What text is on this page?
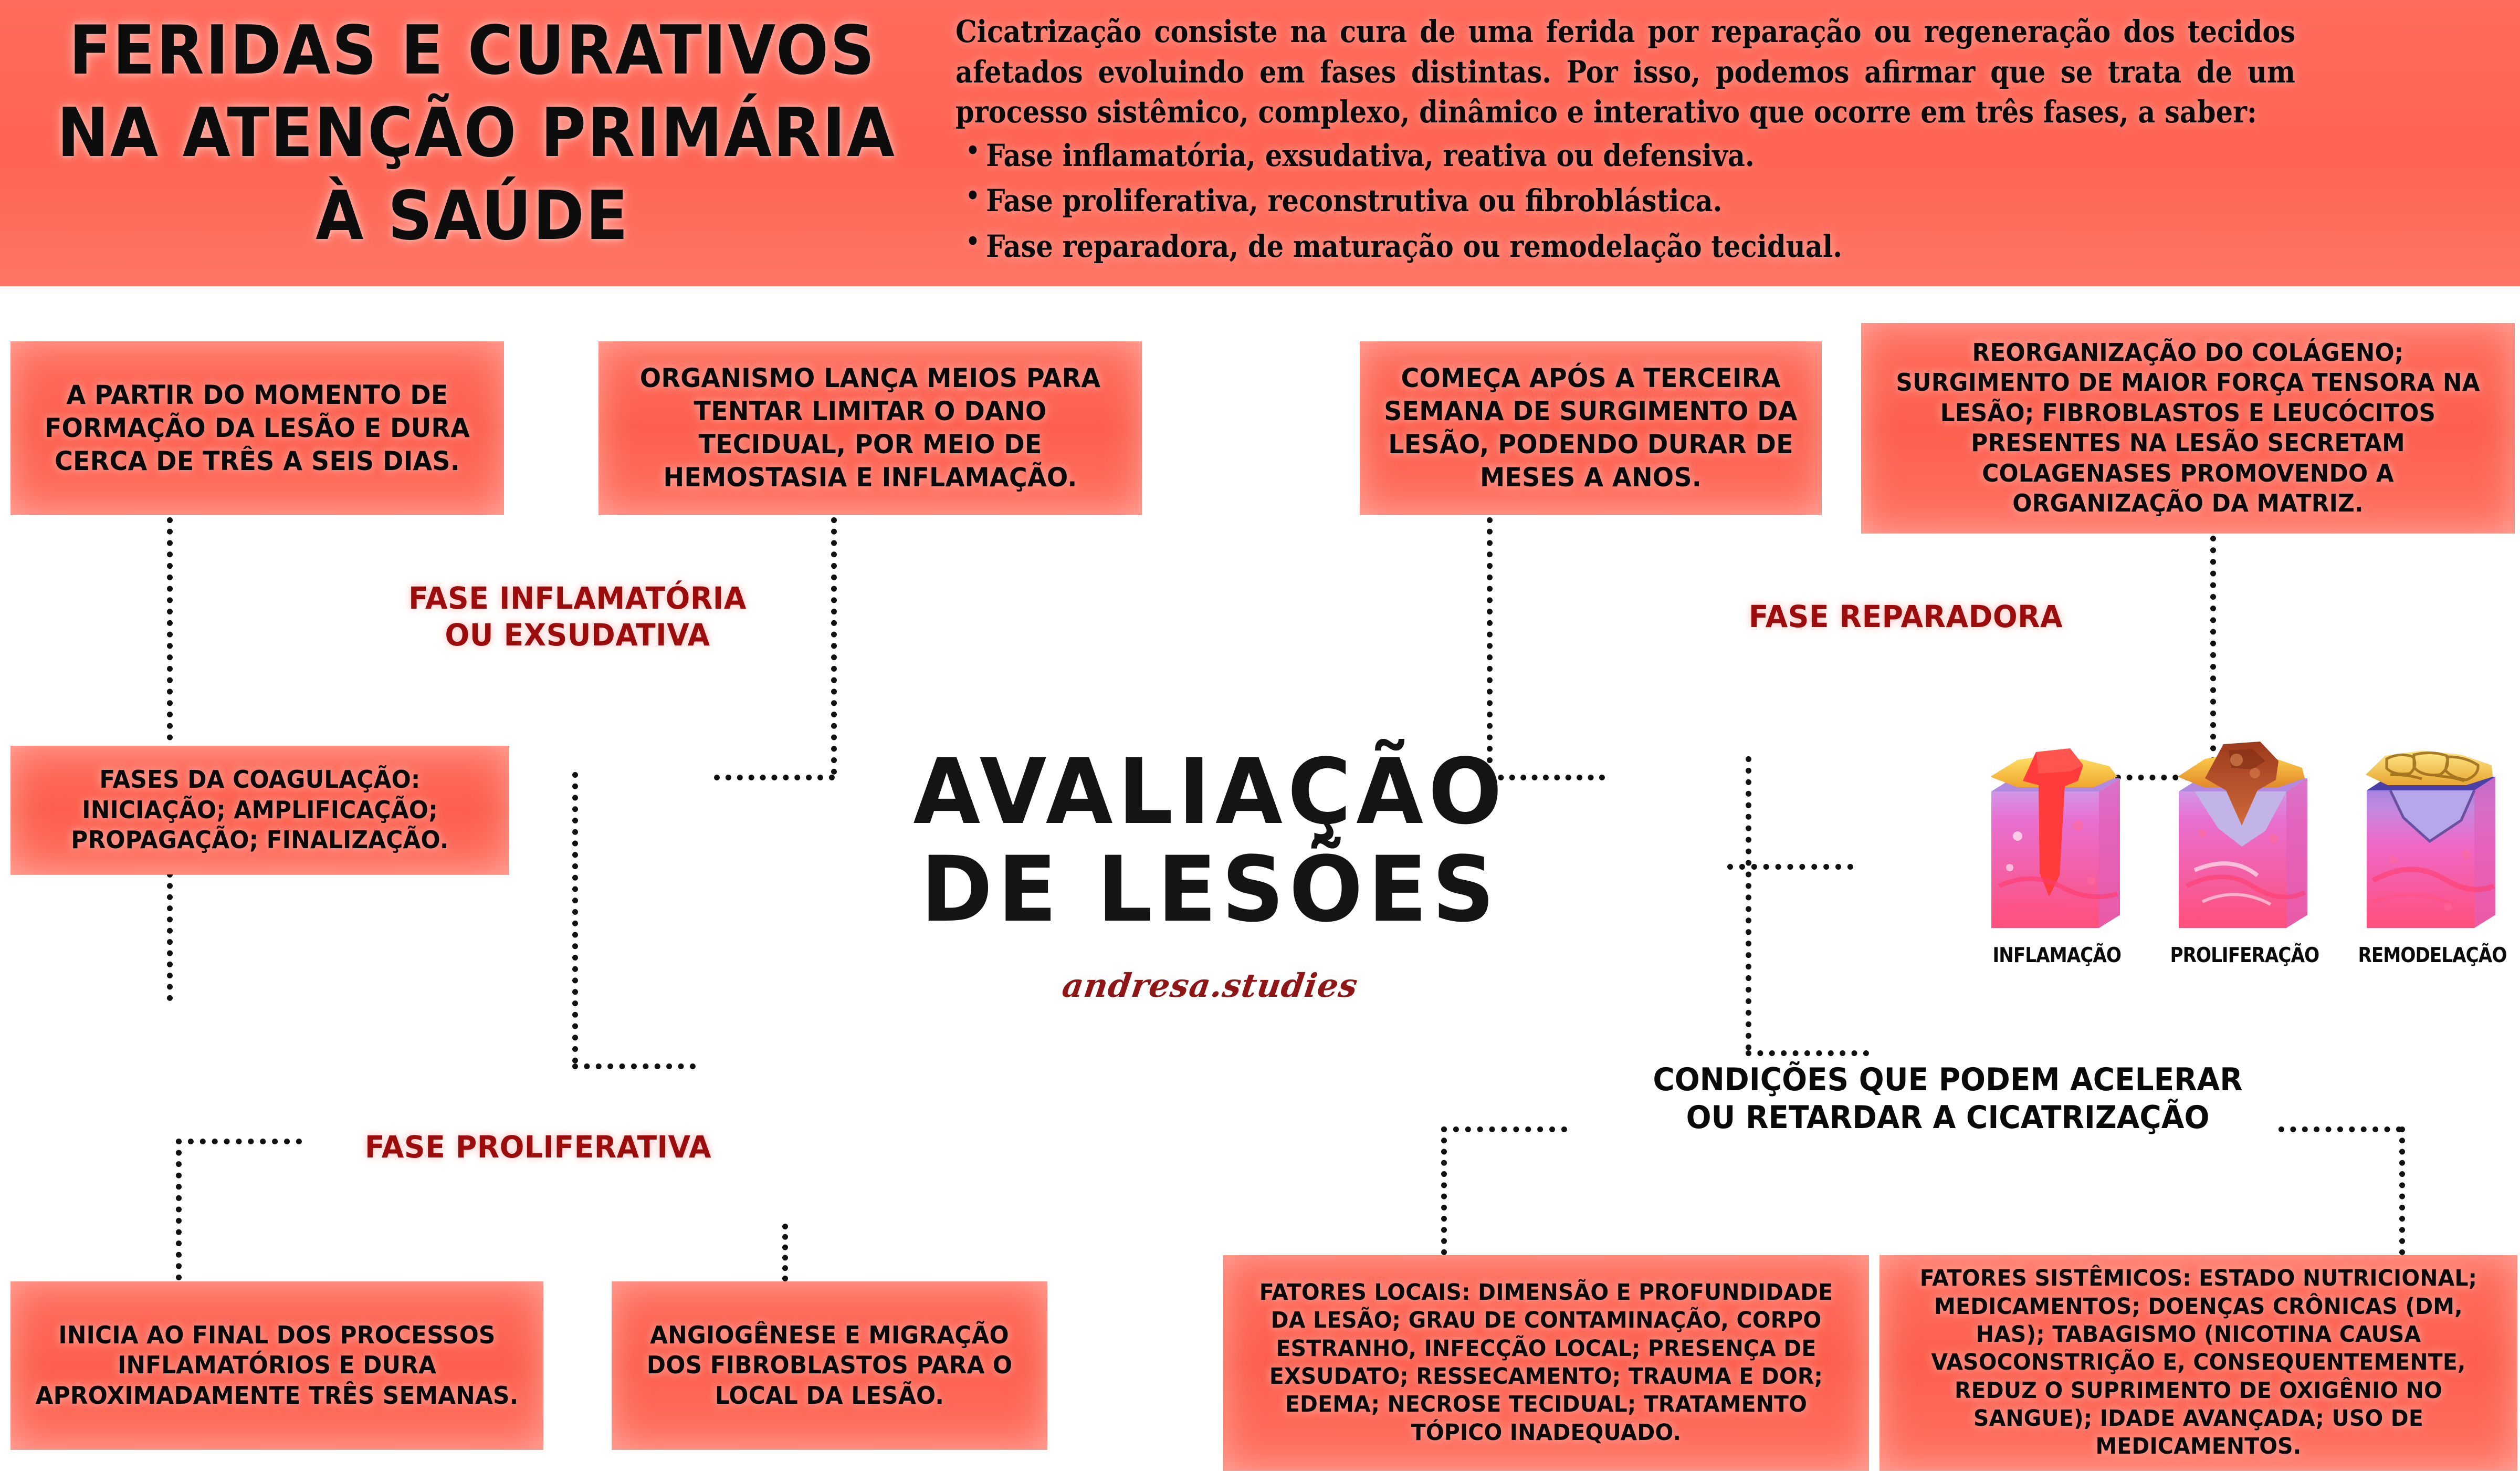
FERIDAS E CURATIVOS
NA ATENÇÃO PRIMÁRIA
À SAÚDE

Cicatrização consiste na cura de uma ferida por reparação ou regeneração dos tecidos afetados evoluindo em fases distintas. Por isso, podemos afirmar que se trata de um processo sistêmico, complexo, dinâmico e interativo que ocorre em três fases, a saber:

• Fase inflamatória, exsudativa, reativa ou defensiva.
• Fase proliferativa, reconstrutiva ou fibroblástica.
• Fase reparadora, de maturação ou remodelação tecidual.
A PARTIR DO MOMENTO DE FORMAÇÃO DA LESÃO E DURA CERCA DE TRÊS A SEIS DIAS.
ORGANISMO LANÇA MEIOS PARA TENTAR LIMITAR O DANO TECIDUAL, POR MEIO DE HEMOSTASIA E INFLAMAÇÃO.
COMEÇA APÓS A TERCEIRA SEMANA DE SURGIMENTO DA LESÃO, PODENDO DURAR DE MESES A ANOS.
REORGANIZAÇÃO DO COLÁGENO; SURGIMENTO DE MAIOR FORÇA TENSORA NA LESÃO; FIBROBLASTOS E LEUCÓCITOS PRESENTES NA LESÃO SECRETAM COLAGENASES PROMOVENDO A ORGANIZAÇÃO DA MATRIZ.
FASE INFLAMATÓRIA
OU EXSUDATIVA
FASE REPARADORA
FASE PROLIFERATIVA
FASES DA COAGULAÇÃO: INICIAÇÃO; AMPLIFICAÇÃO; PROPAGAÇÃO; FINALIZAÇÃO.	AVALIAÇÃO
DE LESÕES
andresa.studies
INFLAMAÇÃO	PROLIFERAÇÃO REMODELAÇÃO
INICIA AO FINAL DOS PROCESSOS INFLAMATÓRIOS E DURA APROXIMADAMENTE TRÊS SEMANAS.
ANGIOGÊNESE E MIGRAÇÃO DOS FIBROBLASTOS PARA O LOCAL DA LESÃO.
CONDIÇÕES QUE PODEM ACELERAR
OU RETARDAR A CICATRIZAÇÃO
FATORES LOCAIS: DIMENSÃO E PROFUNDIDADE DA LESÃO; GRAU DE CONTAMINAÇÃO, CORPO ESTRANHO, INFECÇÃO LOCAL; PRESENÇA DE EXSUDATO; RESSECAMENTO; TRAUMA E DOR; EDEMA; NECROSE TECIDUAL; TRATAMENTO TÓPICO INADEQUADO.
FATORES SISTÊMICOS: ESTADO NUTRICIONAL; MEDICAMENTOS; DOENÇAS CRÔNICAS (DM, HAS); TABAGISMO (NICOTINA CAUSA VASOCONSTRIÇÃO E, CONSEQUENTEMENTE, REDUZ O SUPRIMENTO DE OXIGÊNIO NO SANGUE); IDADE AVANÇADA; USO DE MEDICAMENTOS.
